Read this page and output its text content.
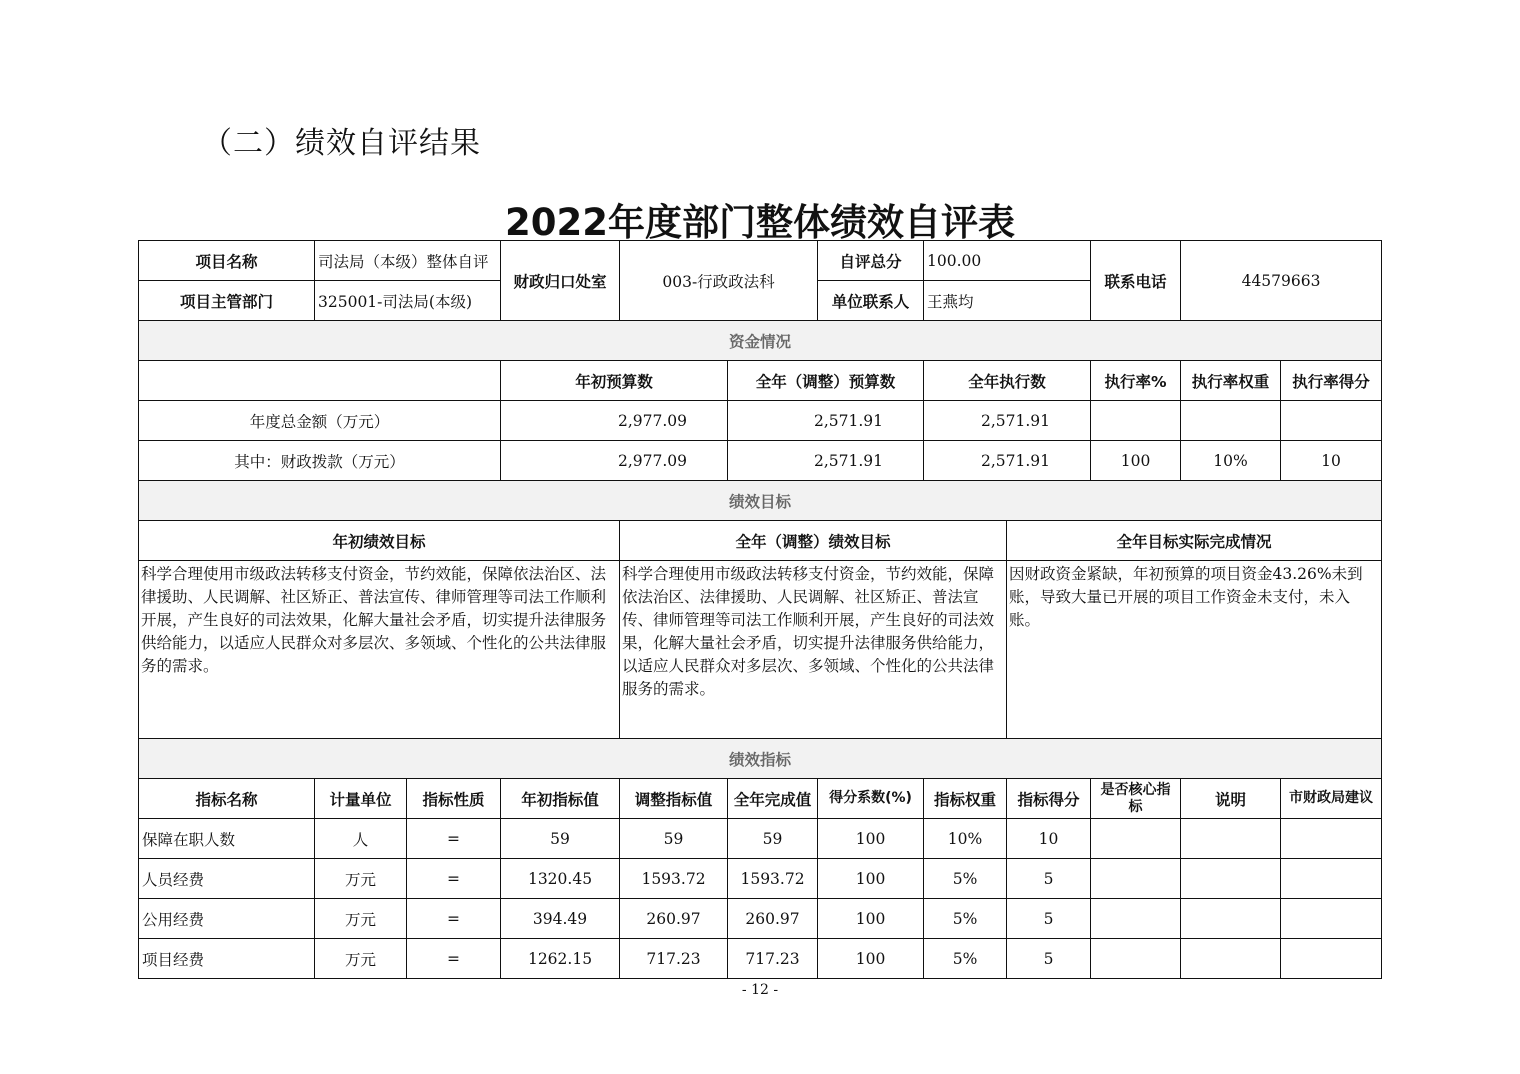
（二）绩效自评结果
2022年度部门整体绩效自评表
项目名称	司法局（本级）整体自评		财政归口处室	003-行政政法科		自评总分	100.00		联系电话	44579663	
项目主管部门	325001-司法局(本级)					单位联系人	王燕均				
资金情况											
			年初预算数		全年（调整）预算数		全年执行数		执行率%	执行率权重	执行率得分
年度总金额（万元）			2,977.09		2,571.91		2,571.91				
其中：财政拨款（万元）			2,977.09		2,571.91		2,571.91		100	10%	10
绩效目标											
年初绩效目标				全年（调整）绩效目标				全年目标实际完成情况			
科学合理使用市级政法转移支付资金，节约效能，保障依法治区、法律援助、人民调解、社区矫正、普法宣传、律师管理等司法工作顺利开展，产生良好的司法效果，化解大量社会矛盾，切实提升法律服务供给能力，以适应人民群众对多层次、多领域、个性化的公共法律服务的需求。				科学合理使用市级政法转移支付资金，节约效能，保障依法治区、法律援助、人民调解、社区矫正、普法宣传、律师管理等司法工作顺利开展，产生良好的司法效果，化解大量社会矛盾，切实提升法律服务供给能力，以适应人民群众对多层次、多领域、个性化的公共法律服务的需求。				因财政资金紧缺，年初预算的项目资金43.26%未到账，导致大量已开展的项目工作资金未支付，未入账。			
绩效指标											
指标名称	计量单位	指标性质	年初指标值	调整指标值	全年完成值	得分系数(%)	指标权重	指标得分	是否核心指标	说明	市财政局建议
保障在职人数	人	=	59	59	59	100	10%	10			
人员经费	万元	=	1320.45	1593.72	1593.72	100	5%	5			
公用经费	万元	=	394.49	260.97	260.97	100	5%	5			
项目经费	万元	=	1262.15	717.23	717.23	100	5%	5			
- 12 -
